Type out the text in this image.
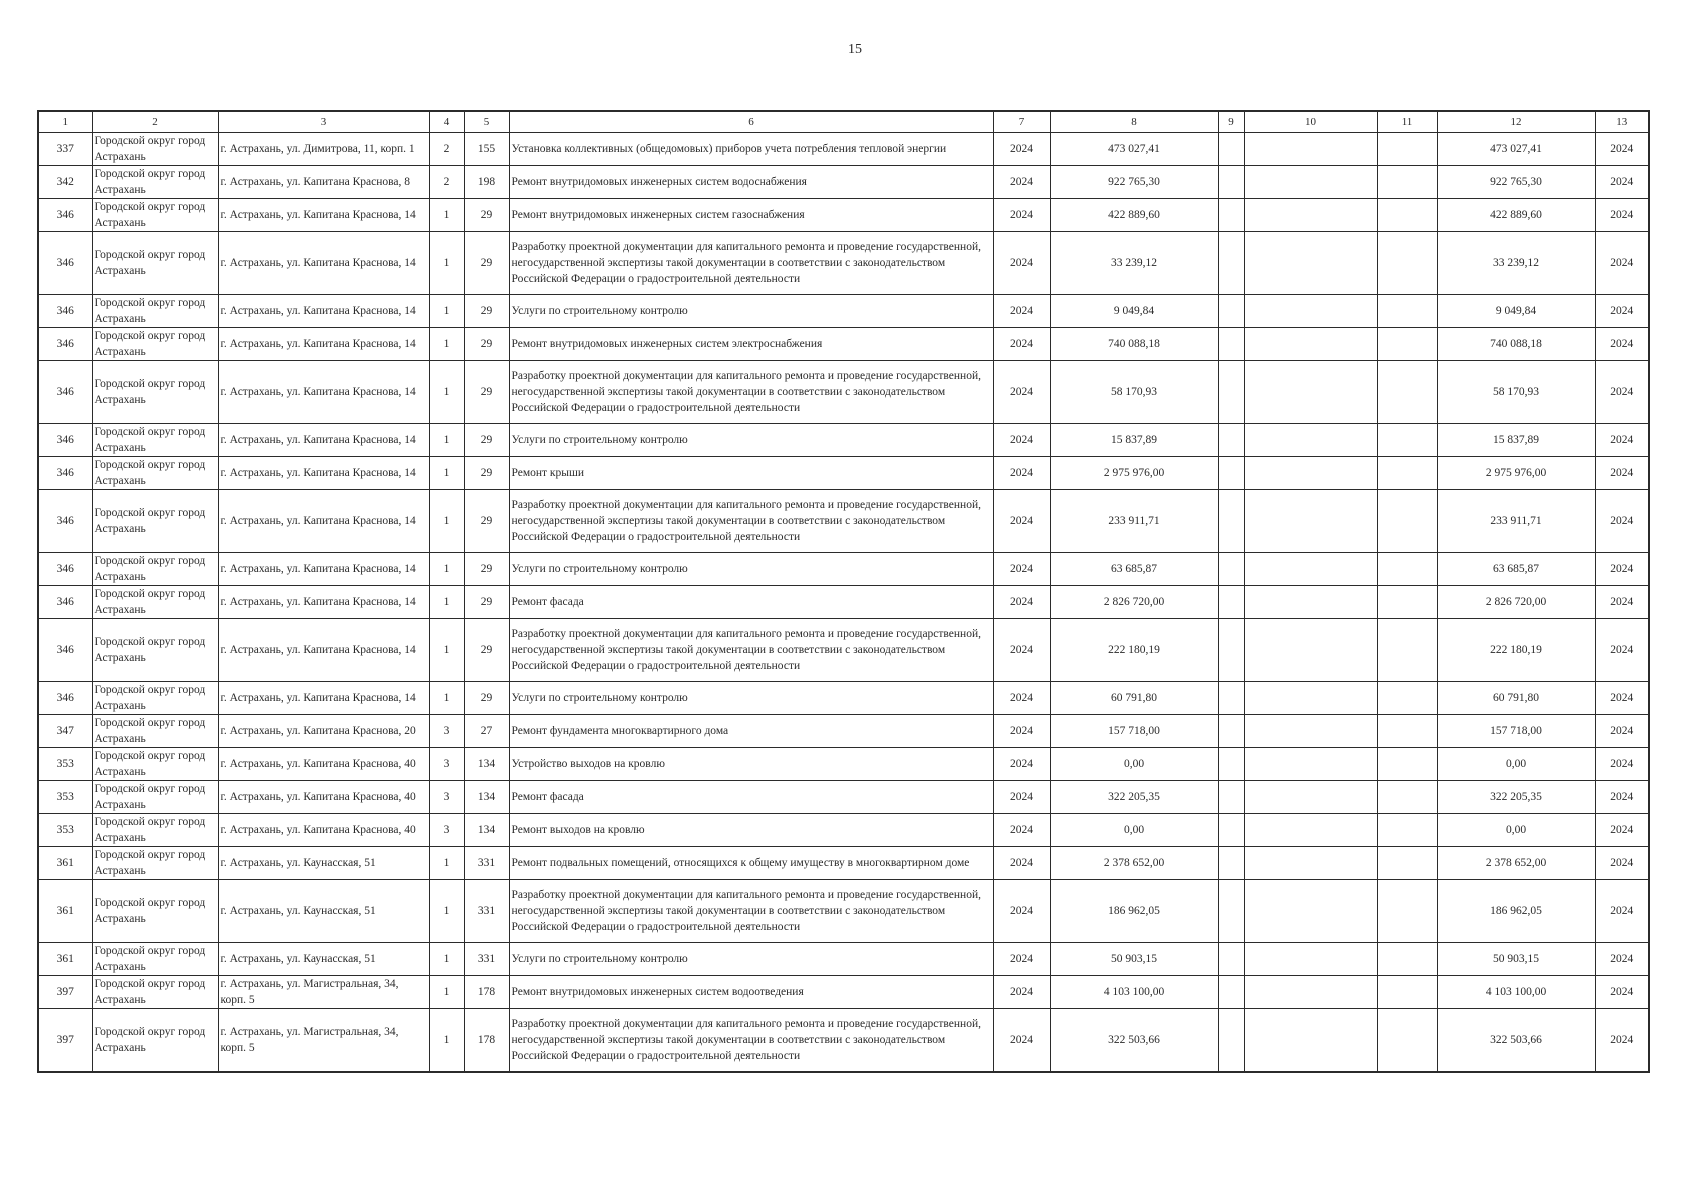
15
1	2	3	4	5	6	7	8	9	10	11	12	13
337	Городской округ город Астрахань	г. Астрахань, ул. Димитрова, 11, корп. 1	2	155	Установка коллективных (общедомовых) приборов учета потребления тепловой энергии	2024	473 027,41				473 027,41	2024
342	Городской округ город Астрахань	г. Астрахань, ул. Капитана Краснова, 8	2	198	Ремонт внутридомовых инженерных систем водоснабжения	2024	922 765,30				922 765,30	2024
346	Городской округ город Астрахань	г. Астрахань, ул. Капитана Краснова, 14	1	29	Ремонт внутридомовых инженерных систем газоснабжения	2024	422 889,60				422 889,60	2024
346	Городской округ город Астрахань	г. Астрахань, ул. Капитана Краснова, 14	1	29	Разработку проектной документации для капитального ремонта и проведение государственной, негосударственной экспертизы такой документации в соответствии с законодательством Российской Федерации о градостроительной деятельности	2024	33 239,12				33 239,12	2024
346	Городской округ город Астрахань	г. Астрахань, ул. Капитана Краснова, 14	1	29	Услуги по строительному контролю	2024	9 049,84				9 049,84	2024
346	Городской округ город Астрахань	г. Астрахань, ул. Капитана Краснова, 14	1	29	Ремонт внутридомовых инженерных систем электроснабжения	2024	740 088,18				740 088,18	2024
346	Городской округ город Астрахань	г. Астрахань, ул. Капитана Краснова, 14	1	29	Разработку проектной документации для капитального ремонта и проведение государственной, негосударственной экспертизы такой документации в соответствии с законодательством Российской Федерации о градостроительной деятельности	2024	58 170,93				58 170,93	2024
346	Городской округ город Астрахань	г. Астрахань, ул. Капитана Краснова, 14	1	29	Услуги по строительному контролю	2024	15 837,89				15 837,89	2024
346	Городской округ город Астрахань	г. Астрахань, ул. Капитана Краснова, 14	1	29	Ремонт крыши	2024	2 975 976,00				2 975 976,00	2024
346	Городской округ город Астрахань	г. Астрахань, ул. Капитана Краснова, 14	1	29	Разработку проектной документации для капитального ремонта и проведение государственной, негосударственной экспертизы такой документации в соответствии с законодательством Российской Федерации о градостроительной деятельности	2024	233 911,71				233 911,71	2024
346	Городской округ город Астрахань	г. Астрахань, ул. Капитана Краснова, 14	1	29	Услуги по строительному контролю	2024	63 685,87				63 685,87	2024
346	Городской округ город Астрахань	г. Астрахань, ул. Капитана Краснова, 14	1	29	Ремонт фасада	2024	2 826 720,00				2 826 720,00	2024
346	Городской округ город Астрахань	г. Астрахань, ул. Капитана Краснова, 14	1	29	Разработку проектной документации для капитального ремонта и проведение государственной, негосударственной экспертизы такой документации в соответствии с законодательством Российской Федерации о градостроительной деятельности	2024	222 180,19				222 180,19	2024
346	Городской округ город Астрахань	г. Астрахань, ул. Капитана Краснова, 14	1	29	Услуги по строительному контролю	2024	60 791,80				60 791,80	2024
347	Городской округ город Астрахань	г. Астрахань, ул. Капитана Краснова, 20	3	27	Ремонт фундамента многоквартирного дома	2024	157 718,00				157 718,00	2024
353	Городской округ город Астрахань	г. Астрахань, ул. Капитана Краснова, 40	3	134	Устройство выходов на кровлю	2024	0,00				0,00	2024
353	Городской округ город Астрахань	г. Астрахань, ул. Капитана Краснова, 40	3	134	Ремонт фасада	2024	322 205,35				322 205,35	2024
353	Городской округ город Астрахань	г. Астрахань, ул. Капитана Краснова, 40	3	134	Ремонт выходов на кровлю	2024	0,00				0,00	2024
361	Городской округ город Астрахань	г. Астрахань, ул. Каунасская, 51	1	331	Ремонт подвальных помещений, относящихся к общему имуществу в многоквартирном доме	2024	2 378 652,00				2 378 652,00	2024
361	Городской округ город Астрахань	г. Астрахань, ул. Каунасская, 51	1	331	Разработку проектной документации для капитального ремонта и проведение государственной, негосударственной экспертизы такой документации в соответствии с законодательством Российской Федерации о градостроительной деятельности	2024	186 962,05				186 962,05	2024
361	Городской округ город Астрахань	г. Астрахань, ул. Каунасская, 51	1	331	Услуги по строительному контролю	2024	50 903,15				50 903,15	2024
397	Городской округ город Астрахань	г. Астрахань, ул. Магистральная, 34, корп. 5	1	178	Ремонт внутридомовых инженерных систем водоотведения	2024	4 103 100,00				4 103 100,00	2024
397	Городской округ город Астрахань	г. Астрахань, ул. Магистральная, 34, корп. 5	1	178	Разработку проектной документации для капитального ремонта и проведение государственной, негосударственной экспертизы такой документации в соответствии с законодательством Российской Федерации о градостроительной деятельности	2024	322 503,66				322 503,66	2024
